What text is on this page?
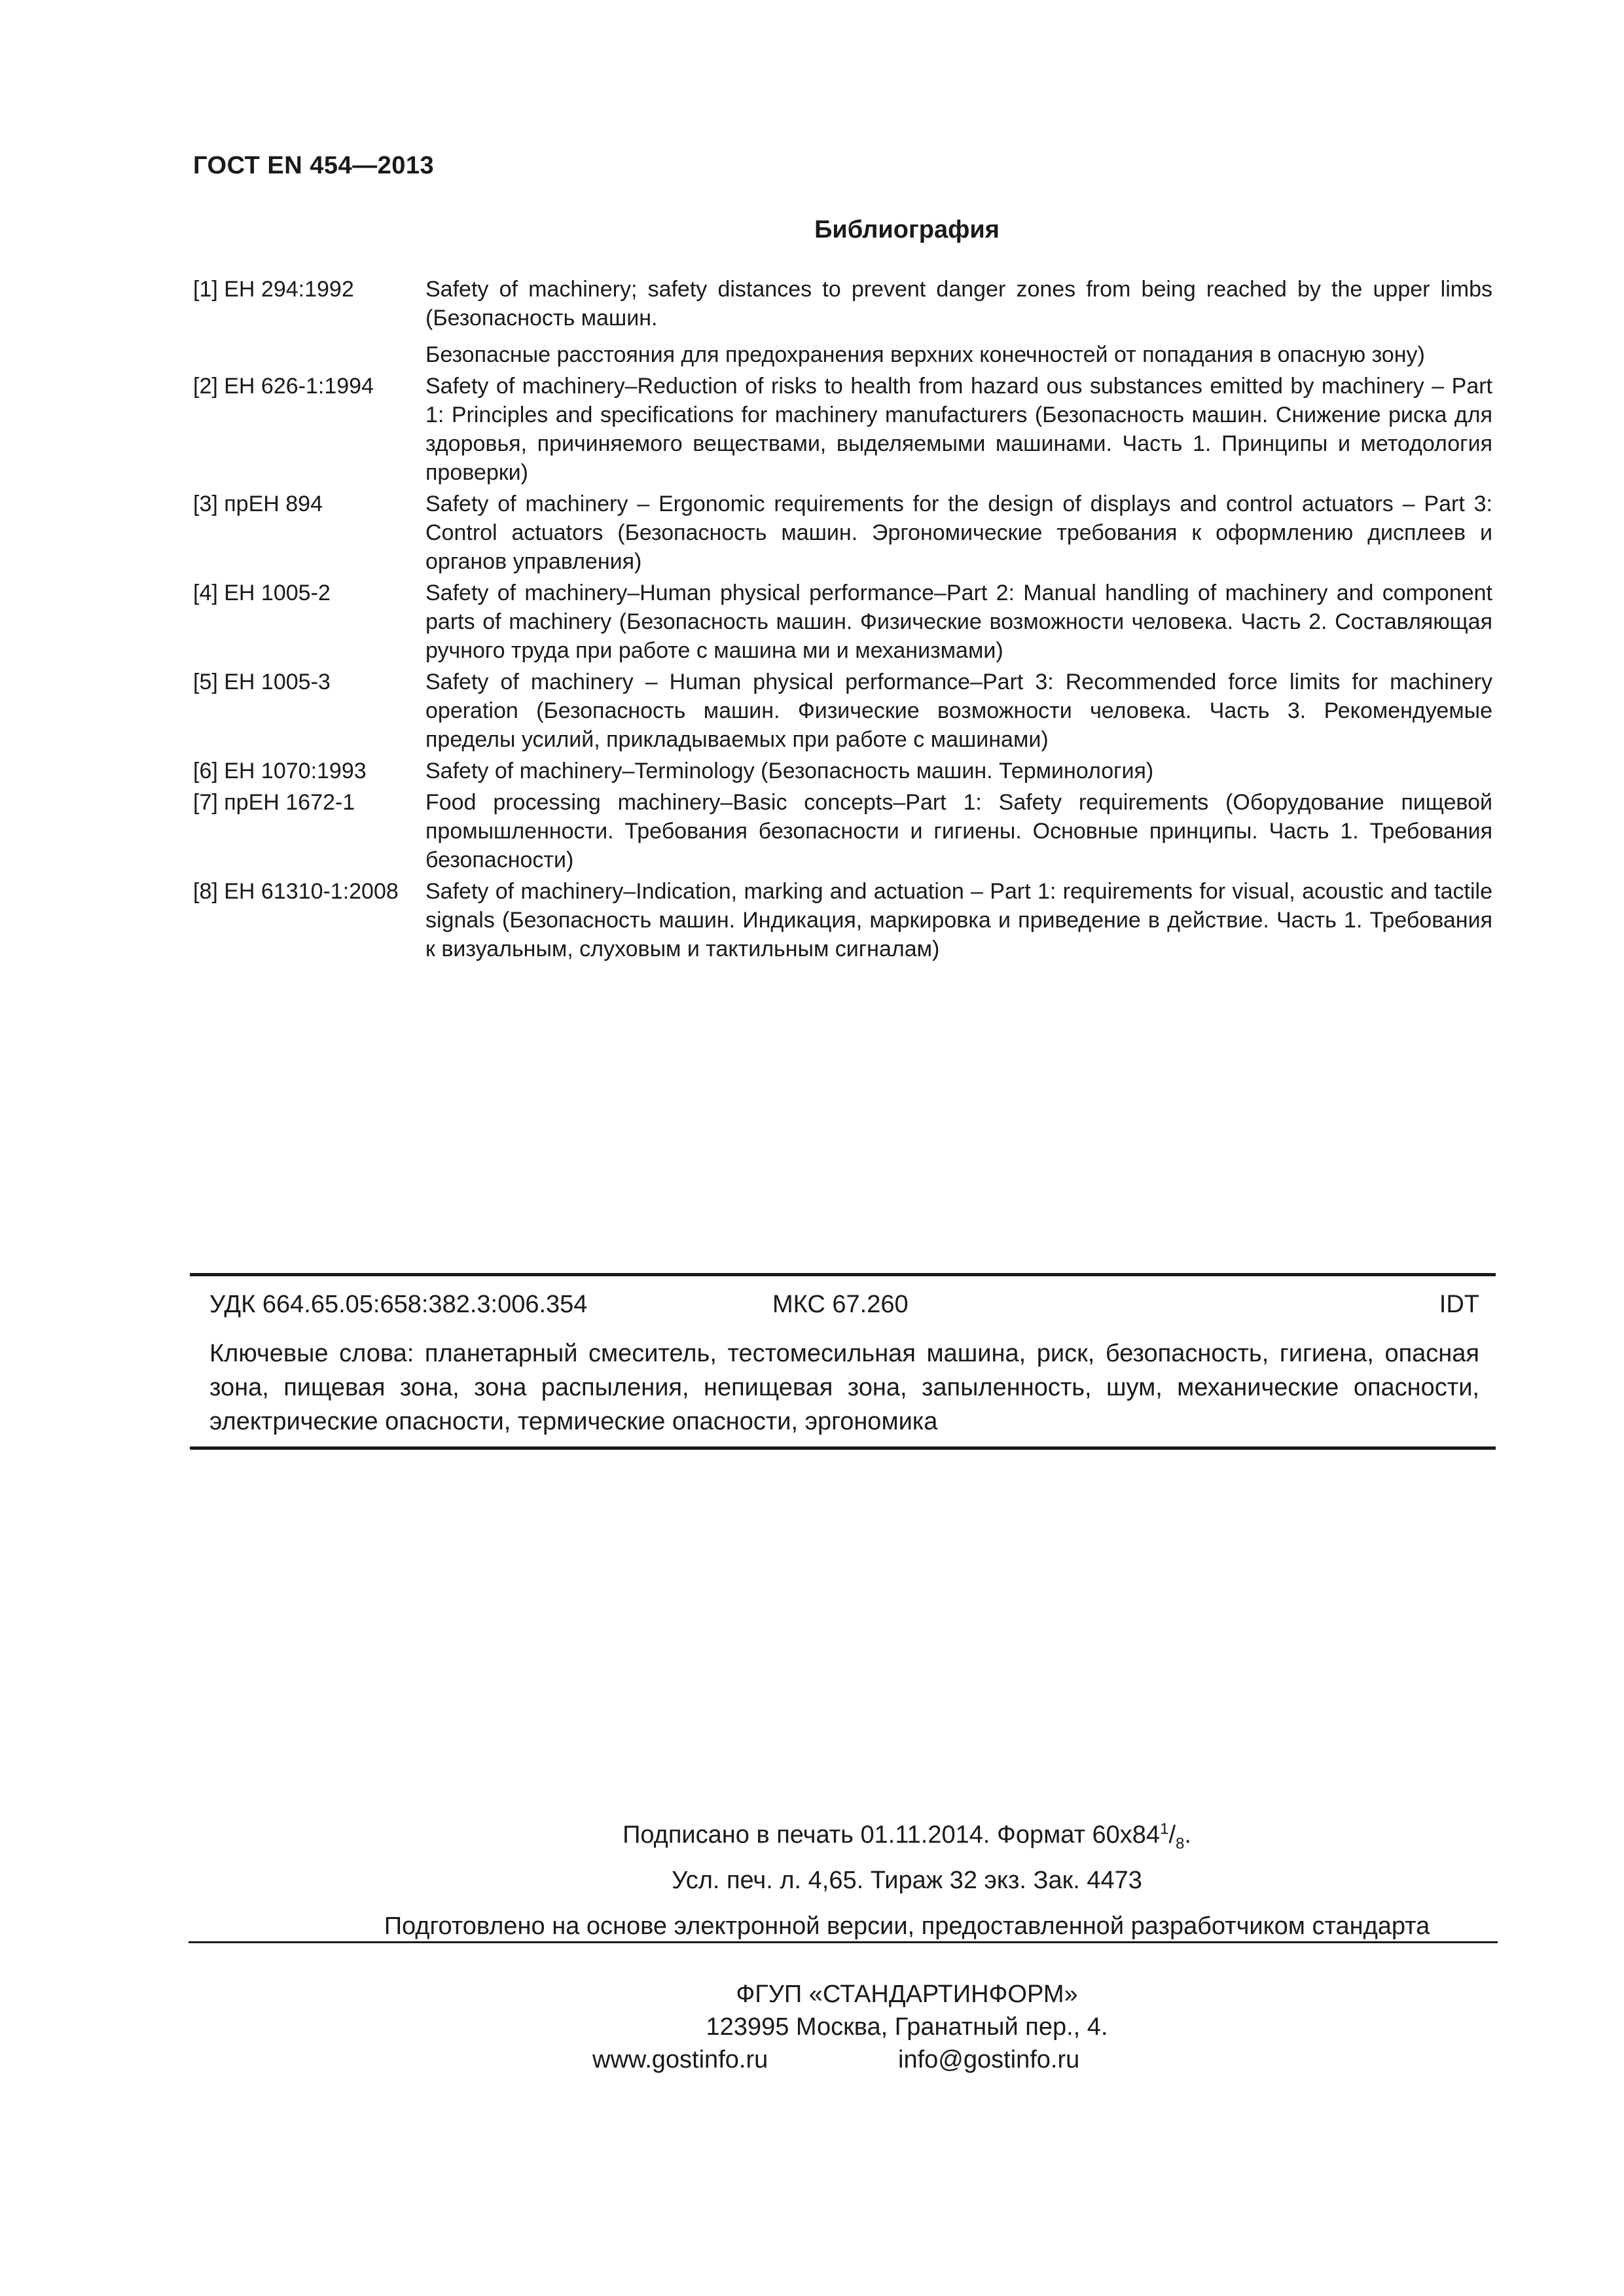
ГОСТ EN 454—2013
Библиография
[1] ЕН 294:1992	Safety of machinery; safety distances to prevent danger zones from being reached by the upper limbs (Безопасность машин.

Безопасные расстояния для предохранения верхних конечностей от попадания в опасную зону)

[2] ЕН 626-1:1994	Safety of machinery–Reduction of risks to health from hazard ous substances emitted by machinery – Part 1: Principles and specifications for machinery manufacturers (Безопасность машин. Снижение риска для здоровья, причиняемого веществами, выделяемыми машинами. Часть 1. Принципы и методология проверки)

[3] прЕН 894	Safety of machinery – Ergonomic requirements for the design of displays and control actuators – Part 3: Control actuators (Безопасность машин. Эргономические требования к оформлению дисплеев и органов управления)

[4] ЕН 1005-2	Safety of machinery–Human physical performance–Part 2: Manual handling of machinery and component parts of machinery (Безопасность машин. Физические возможности человека. Часть 2. Составляющая ручного труда при работе с машина ми и механизмами)

[5] ЕН 1005-3	Safety of machinery – Human physical performance–Part 3: Recommended force limits for machinery operation (Безопасность машин. Физические возможности человека. Часть 3. Рекомендуемые пределы усилий, прикладываемых при работе с машинами)

[6] ЕН 1070:1993	Safety of machinery–Terminology (Безопасность машин. Терминология)

[7] прЕН 1672-1	Food processing machinery–Basic concepts–Part 1: Safety requirements (Оборудование пищевой промышленности. Требования безопасности и гигиены. Основные принципы. Часть 1. Требования безопасности)

[8] ЕН 61310-1:2008	Safety of machinery–Indication, marking and actuation – Part 1: requirements for visual, acoustic and tactile signals (Безопасность машин. Индикация, маркировка и приведение в действие. Часть 1. Требования к визуальным, слуховым и тактильным сигналам)

УДК 664.65.05:658:382.3:006.354	МКС 67.260	IDT
Ключевые слова: планетарный смеситель, тестомесильная машина, риск, безопасность, гигиена, опасная зона, пищевая зона, зона распыления, непищевая зона, запыленность, шум, механические опасности, электрические опасности, термические опасности, эргономика
Подписано в печать 01.11.2014. Формат $60x84^1/_8$.
Усл. печ. л. 4,65. Тираж 32 экз. Зак. 4473
Подготовлено на основе электронной версии, предоставленной разработчиком стандарта
ФГУП «СТАНДАРТИНФОРМ»
123995 Москва, Гранатный пер., 4.
www.gostinfo.ru	info@gostinfo.ru
